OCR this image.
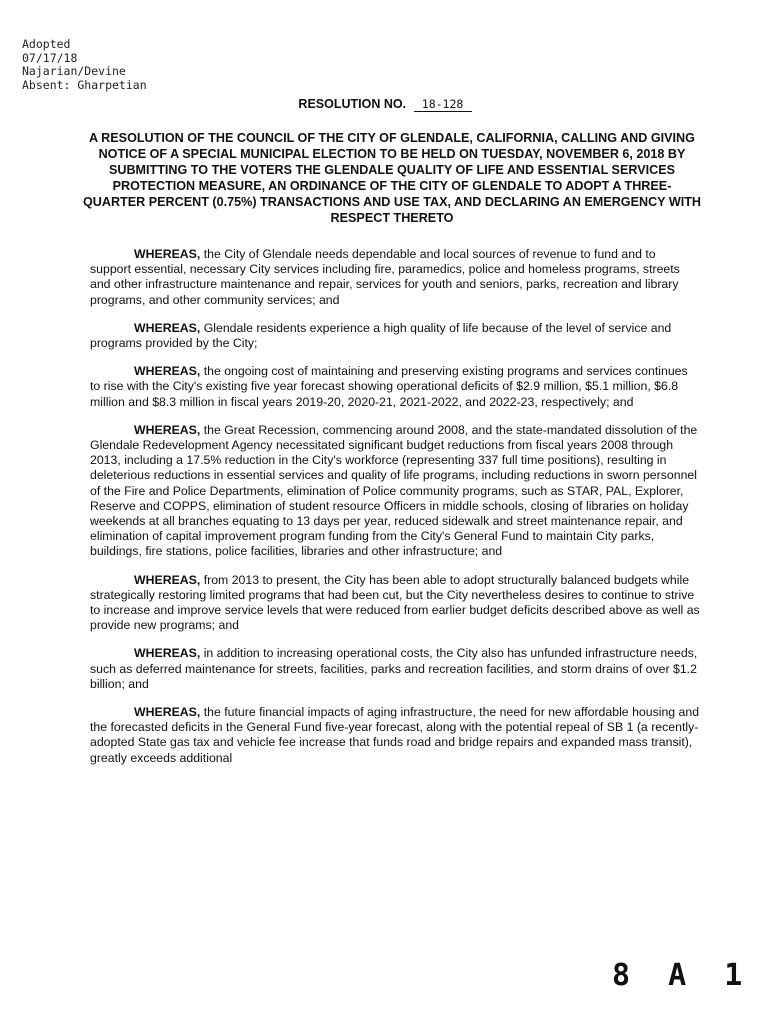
Adopted
07/17/18
Najarian/Devine
Absent: Gharpetian
RESOLUTION NO. 18-128
A RESOLUTION OF THE COUNCIL OF THE CITY OF GLENDALE, CALIFORNIA, CALLING AND GIVING NOTICE OF A SPECIAL MUNICIPAL ELECTION TO BE HELD ON TUESDAY, NOVEMBER 6, 2018 BY SUBMITTING TO THE VOTERS THE GLENDALE QUALITY OF LIFE AND ESSENTIAL SERVICES PROTECTION MEASURE, AN ORDINANCE OF THE CITY OF GLENDALE TO ADOPT A THREE-QUARTER PERCENT (0.75%) TRANSACTIONS AND USE TAX, AND DECLARING AN EMERGENCY WITH RESPECT THERETO

WHEREAS, the City of Glendale needs dependable and local sources of revenue to fund and to support essential, necessary City services including fire, paramedics, police and homeless programs, streets and other infrastructure maintenance and repair, services for youth and seniors, parks, recreation and library programs, and other community services; and

WHEREAS, Glendale residents experience a high quality of life because of the level of service and programs provided by the City;

WHEREAS, the ongoing cost of maintaining and preserving existing programs and services continues to rise with the City's existing five year forecast showing operational deficits of $2.9 million, $5.1 million, $6.8 million and $8.3 million in fiscal years 2019-20, 2020-21, 2021-2022, and 2022-23, respectively; and

WHEREAS, the Great Recession, commencing around 2008, and the state-mandated dissolution of the Glendale Redevelopment Agency necessitated significant budget reductions from fiscal years 2008 through 2013, including a 17.5% reduction in the City's workforce (representing 337 full time positions), resulting in deleterious reductions in essential services and quality of life programs, including reductions in sworn personnel of the Fire and Police Departments, elimination of Police community programs, such as STAR, PAL, Explorer, Reserve and COPPS, elimination of student resource Officers in middle schools, closing of libraries on holiday weekends at all branches equating to 13 days per year, reduced sidewalk and street maintenance repair, and elimination of capital improvement program funding from the City's General Fund to maintain City parks, buildings, fire stations, police facilities, libraries and other infrastructure; and

WHEREAS, from 2013 to present, the City has been able to adopt structurally balanced budgets while strategically restoring limited programs that had been cut, but the City nevertheless desires to continue to strive to increase and improve service levels that were reduced from earlier budget deficits described above as well as provide new programs; and

WHEREAS, in addition to increasing operational costs, the City also has unfunded infrastructure needs, such as deferred maintenance for streets, facilities, parks and recreation facilities, and storm drains of over $1.2 billion; and

WHEREAS, the future financial impacts of aging infrastructure, the need for new affordable housing and the forecasted deficits in the General Fund five-year forecast, along with the potential repeal of SB 1 (a recently-adopted State gas tax and vehicle fee increase that funds road and bridge repairs and expanded mass transit), greatly exceeds additional

8 A 1
